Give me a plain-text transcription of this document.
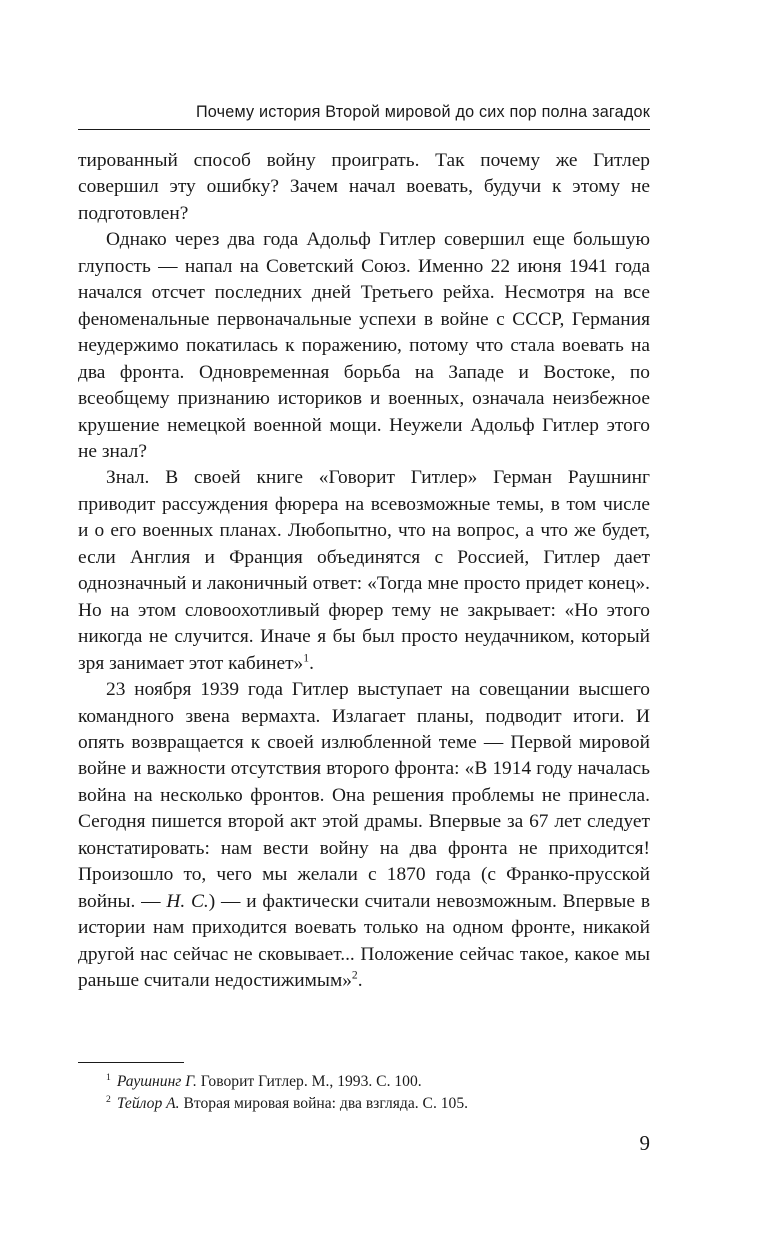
Почему история Второй мировой до сих пор полна загадок

тированный способ войну проиграть. Так почему же Гитлер совершил эту ошибку? Зачем начал воевать, будучи к этому не подготовлен?

Однако через два года Адольф Гитлер совершил еще большую глупость — напал на Советский Союз. Именно 22 июня 1941 года начался отсчет последних дней Третьего рейха. Несмотря на все феноменальные первоначальные успехи в войне с СССР, Германия неудержимо покатилась к поражению, потому что стала воевать на два фронта. Одновременная борьба на Западе и Востоке, по всеобщему признанию историков и военных, означала неизбежное крушение немецкой военной мощи. Неужели Адольф Гитлер этого не знал?

Знал. В своей книге «Говорит Гитлер» Герман Раушнинг приводит рассуждения фюрера на всевозможные темы, в том числе и о его военных планах. Любопытно, что на вопрос, а что же будет, если Англия и Франция объединятся с Россией, Гитлер дает однозначный и лаконичный ответ: «Тогда мне просто придет конец». Но на этом словоохотливый фюрер тему не закрывает: «Но этого никогда не случится. Иначе я бы был просто неудачником, который зря занимает этот кабинет»$^1$.

23 ноября 1939 года Гитлер выступает на совещании высшего командного звена вермахта. Излагает планы, подводит итоги. И опять возвращается к своей излюбленной теме — Первой мировой войне и важности отсутствия второго фронта: «В 1914 году началась война на несколько фронтов. Она решения проблемы не принесла. Сегодня пишется второй акт этой драмы. Впервые за 67 лет следует констатировать: нам вести войну на два фронта не приходится! Произошло то, чего мы желали с 1870 года (с Франко-прусской войны. — Н. С.) — и фактически считали невозможным. Впервые в истории нам приходится воевать только на одном фронте, никакой другой нас сейчас не сковывает... Положение сейчас такое, какое мы раньше считали недостижимым»$^2$.

$^1$ Раушнинг Г. Говорит Гитлер. М., 1993. С. 100.

$^2$ Тейлор А. Вторая мировая война: два взгляда. С. 105.

9
